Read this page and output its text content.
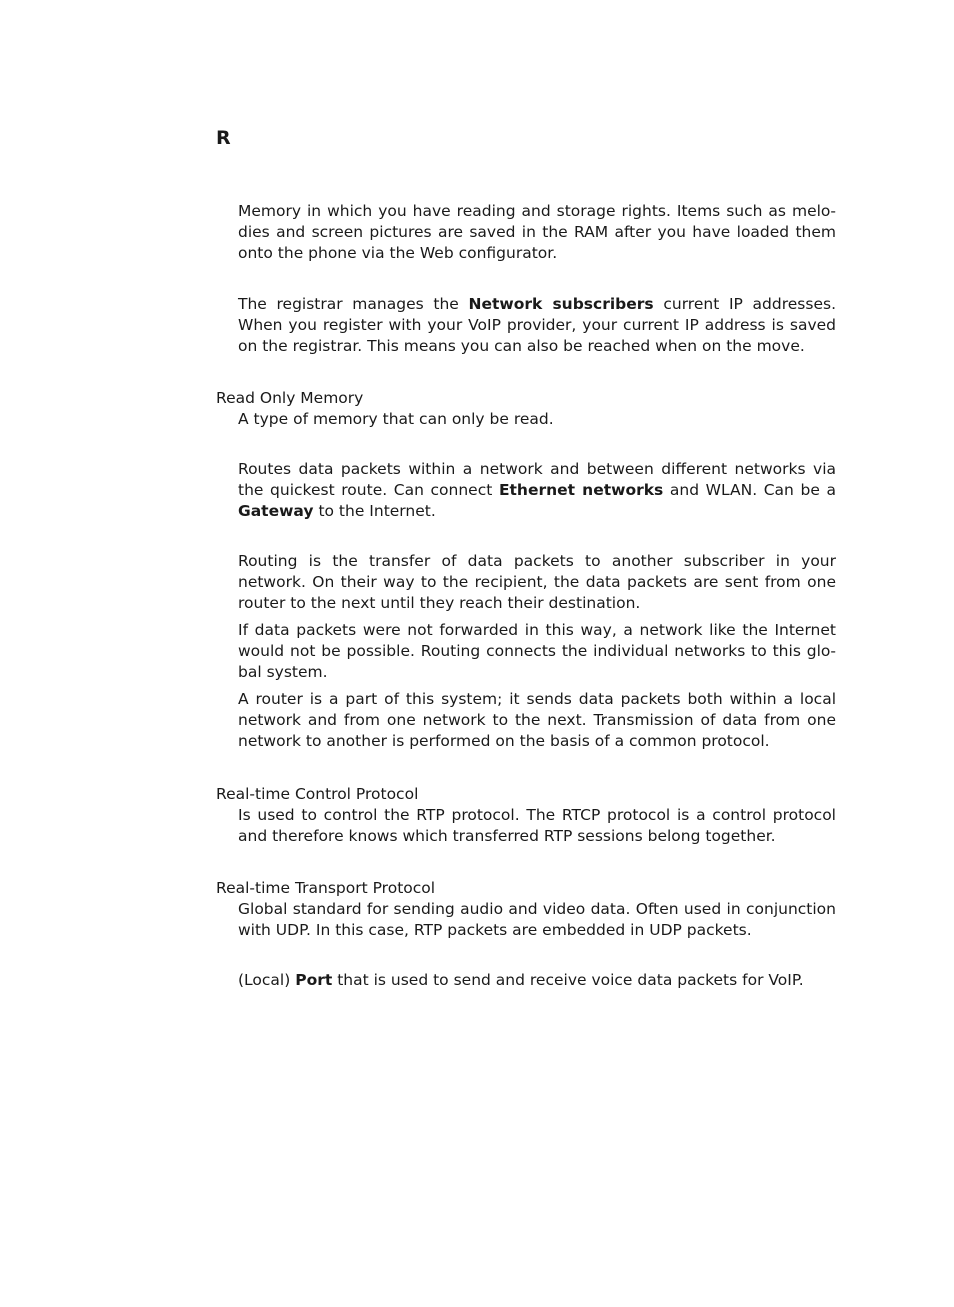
R

Memory in which you have reading and storage rights. Items such as melodies and screen pictures are saved in the RAM after you have loaded them onto the phone via the Web configurator.

The registrar manages the Network subscribers current IP addresses. When you register with your VoIP provider, your current IP address is saved on the registrar. This means you can also be reached when on the move.

Read Only Memory

A type of memory that can only be read.

Routes data packets within a network and between different networks via the quickest route. Can connect Ethernet networks and WLAN. Can be a Gateway to the Internet.

Routing is the transfer of data packets to another subscriber in your network. On their way to the recipient, the data packets are sent from one router to the next until they reach their destination.

If data packets were not forwarded in this way, a network like the Internet would not be possible. Routing connects the individual networks to this global system.

A router is a part of this system; it sends data packets both within a local network and from one network to the next. Transmission of data from one network to another is performed on the basis of a common protocol.

Real-time Control Protocol

Is used to control the RTP protocol. The RTCP protocol is a control protocol and therefore knows which transferred RTP sessions belong together.

Real-time Transport Protocol

Global standard for sending audio and video data. Often used in conjunction with UDP. In this case, RTP packets are embedded in UDP packets.

(Local) Port that is used to send and receive voice data packets for VoIP.
